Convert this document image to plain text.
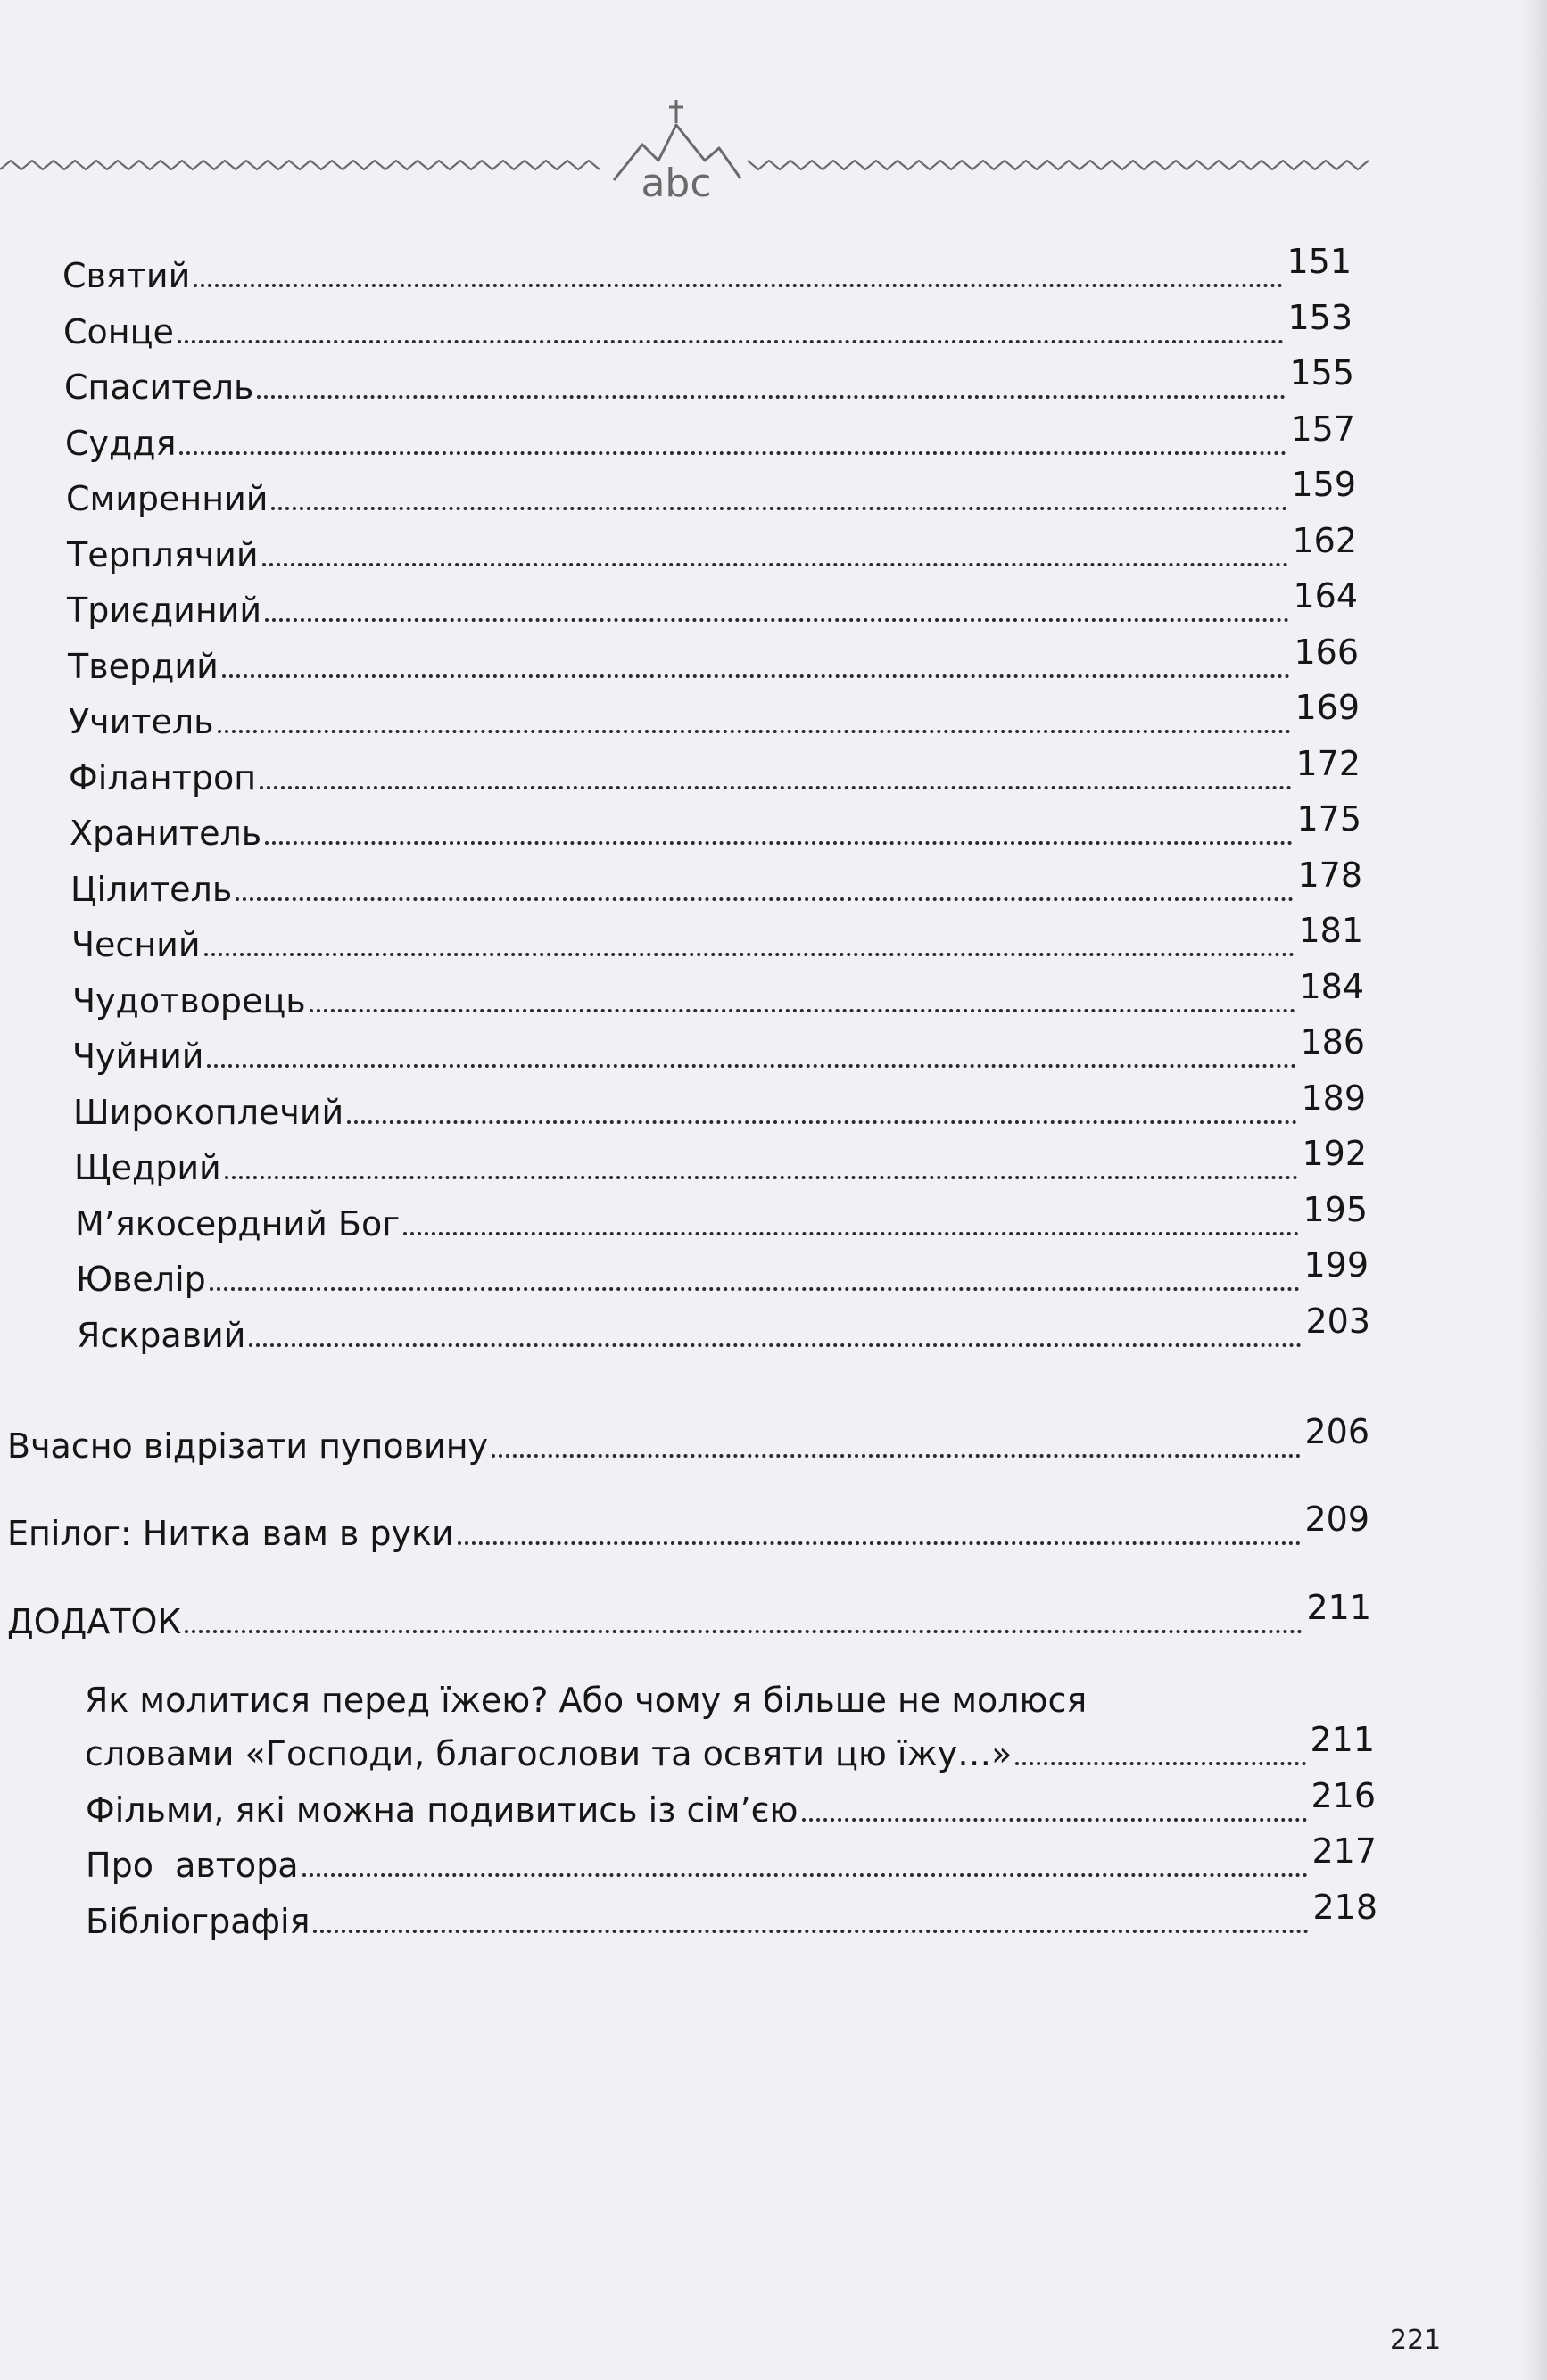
abc
Святий	151
Сонце	153
Спаситель	155
Суддя	157
Смиренний	159
Терплячий	162
Триєдиний	164
Твердий	166
Учитель	169
Філантроп	172
Хранитель	175
Цілитель	178
Чесний	181
Чудотворець	184
Чуйний	186
Широкоплечий	189
Щедрий	192
М’якосердний Бог	195
Ювелір	199
Яскравий	203
Вчасно відрізати пуповину	206
Епілог: Нитка вам в руки	209
ДОДАТОК	211
Як молитися перед їжею? Або чому я більше не молюся
словами «Господи, благослови та освяти цю їжу…»	211
Фільми, які можна подивитись із сім’єю	216
Про  автора	217
Бібліографія	218
221
